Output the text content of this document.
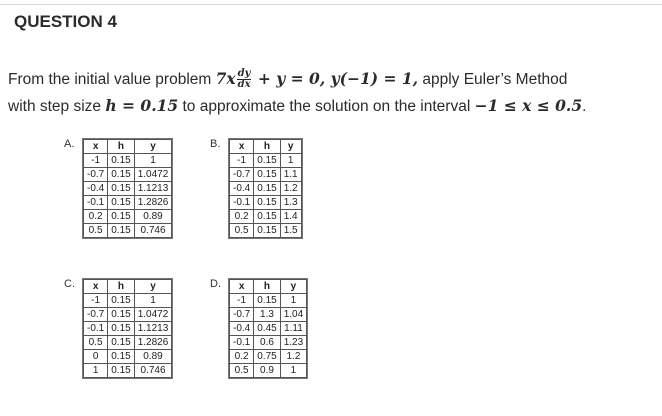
QUESTION 4
From the initial value problem $7x \frac{dy}{dx} + y = 0$, y(−1) = 1, apply Euler’s Method
with step size h = 0.15 to approximate the solution on the interval −1 ≤ x ≤ 0.5.
A. x	h	y
-1	0.15	1
-0.7	0.15	1.0472
-0.4	0.15	1.1213
-0.1	0.15	1.2826
0.2	0.15	0.89
0.5	0.15	0.746
B. x	h	y
-1	0.15	1
-0.7	0.15	1.1
-0.4	0.15	1.2
-0.1	0.15	1.3
0.2	0.15	1.4
0.5	0.15	1.5
C. x	h	y
-1	0.15	1
-0.7	0.15	1.0472
-0.1	0.15	1.1213
0.5	0.15	1.2826
0	0.15	0.89
1	0.15	0.746
D. x	h	y
-1	0.15	1
-0.7	1.3	1.04
-0.4	0.45	1.11
-0.1	0.6	1.23
0.2	0.75	1.2
0.5	0.9	1
